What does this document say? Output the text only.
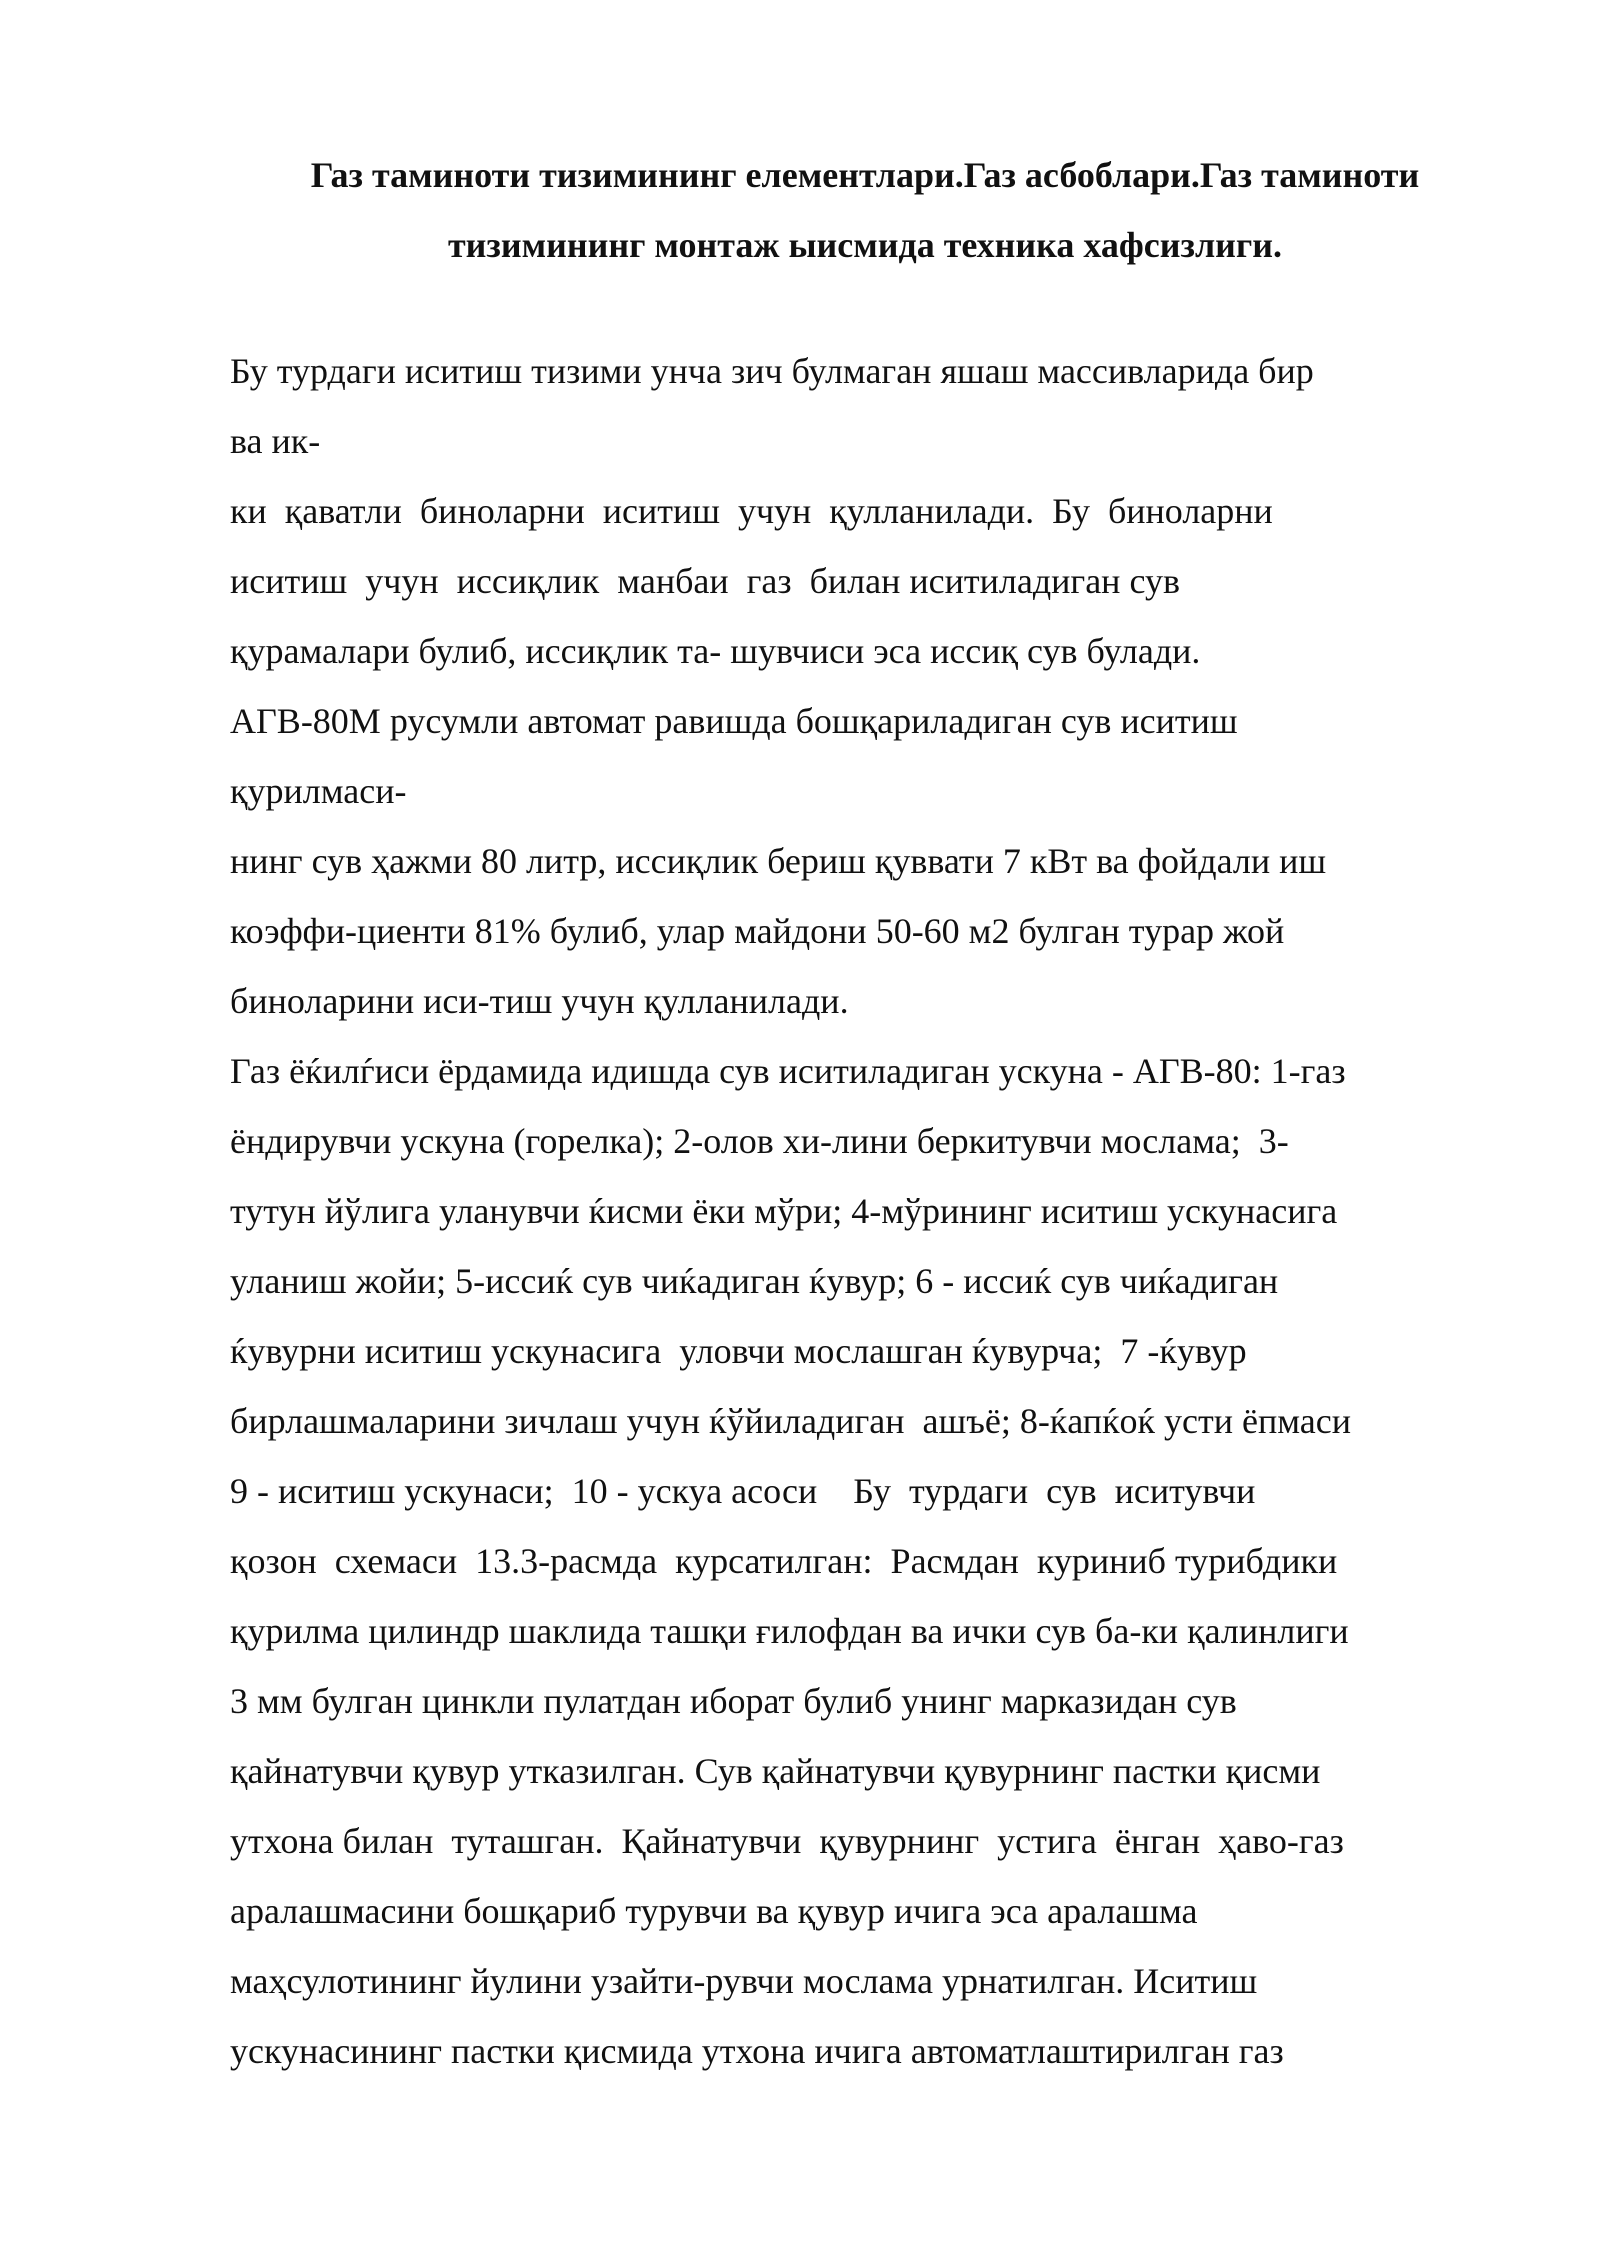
Газ таминоти тизимининг елементлари.Газ асбоблари.Газ таминоти
тизимининг монтаж ыисмида техника хафсизлиги.
Бу турдаги иситиш тизими унча зич булмаган яшаш массивларида бир
ва ик-
ки  қаватли  биноларни  иситиш  учун  қулланилади.  Бу  биноларни
иситиш  учун  иссиқлик  манбаи  газ  билан иситиладиган сув
қурамалари булиб, иссиқлик та- шувчиси эса иссиқ сув булади.
АГВ-80М русумли автомат равишда бошқариладиган сув иситиш
қурилмаси-
нинг сув ҳажми 80 литр, иссиқлик бериш қуввати 7 кВт ва фойдали иш
коэффи-циенти 81% булиб, улар майдони 50-60 м2 булган турар жой
биноларини иси-тиш учун қулланилади.
Газ ёќилѓиси ёрдамида идишда сув иситиладиган ускуна - АГВ-80: 1-газ
ёндирувчи ускуна (горелка); 2-олов хи-лини беркитувчи мослама;  3-
тутун йўлига уланувчи ќисми ёки мўри; 4-мўрининг иситиш ускунасига
уланиш жойи; 5-иссиќ сув чиќадиган ќувур; 6 - иссиќ сув чиќадиган
ќувурни иситиш ускунасига  уловчи мослашган ќувурча;  7 -ќувур
бирлашмаларини зичлаш учун ќўйиладиган  ашъё; 8-ќапќоќ усти ёпмаси
9 - иситиш ускунаси;  10 - ускуа асоси    Бу  турдаги  сув  иситувчи
қозон  схемаси  13.3-расмда  курсатилган:  Расмдан  куриниб турибдики
қурилма цилиндр шаклида ташқи ғилофдан ва ички сув ба-ки қалинлиги
3 мм булган цинкли пулатдан иборат булиб унинг марказидан сув
қайнатувчи қувур утказилган. Сув қайнатувчи қувурнинг пастки қисми
утхона билан  туташган.  Қайнатувчи  қувурнинг  устига  ёнган  ҳаво-газ
аралашмасини бошқариб турувчи ва қувур ичига эса аралашма
маҳсулотининг йулини узайти-рувчи мослама урнатилган. Иситиш
ускунасининг пастки қисмида утхона ичига автоматлаштирилган газ
